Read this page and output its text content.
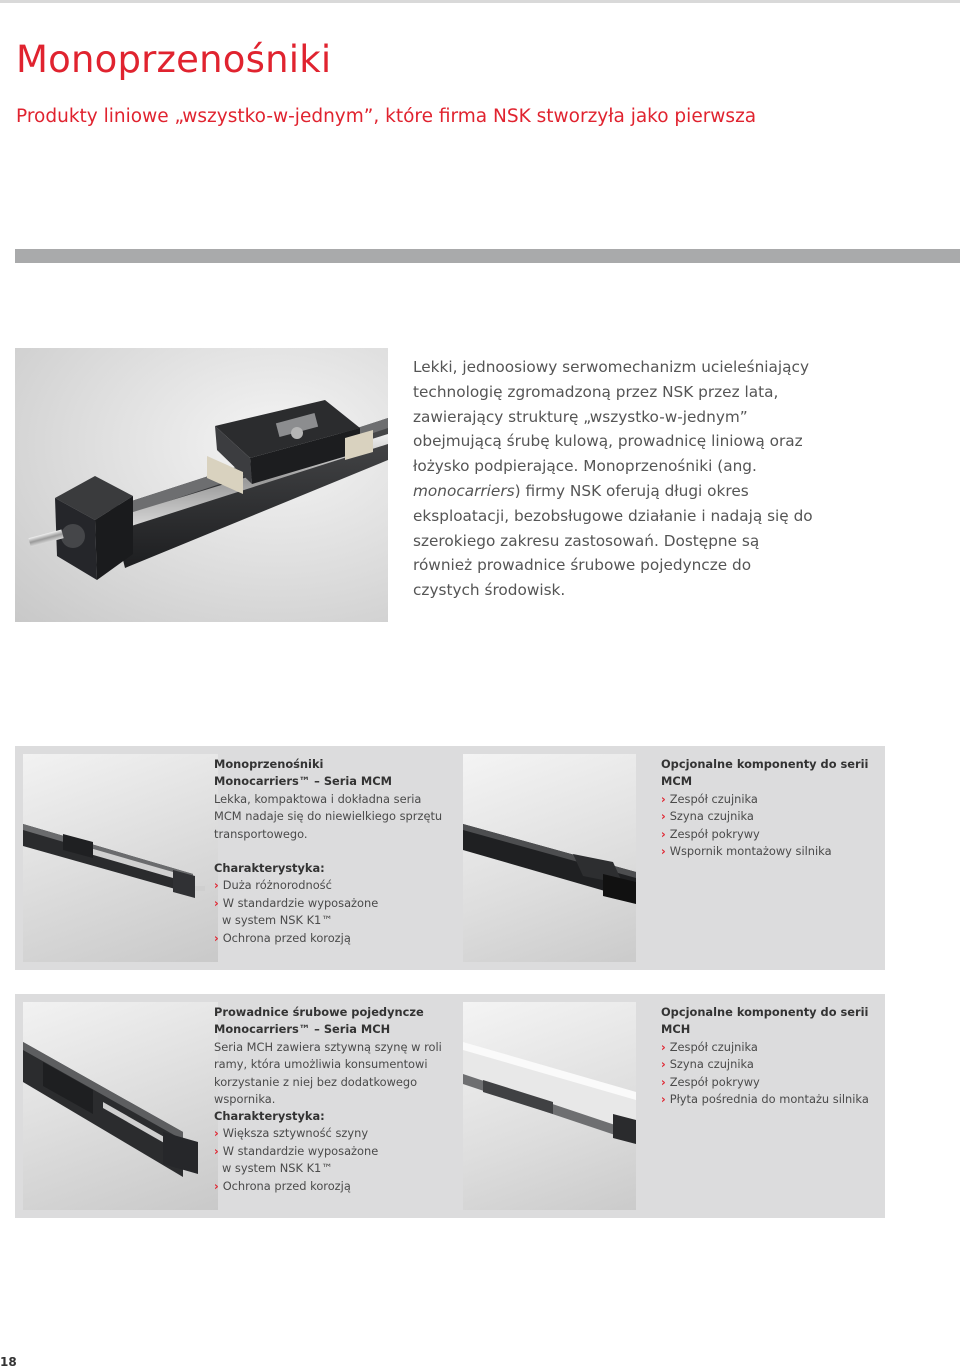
Monoprzenośniki
Produkty liniowe „wszystko-w-jednym”, które firma NSK stworzyła jako pierwsza

Lekki, jednoosiowy serwomechanizm ucieleśniający technologię zgromadzoną przez NSK przez lata, zawierający strukturę „wszystko-w-jednym” obejmującą śrubę kulową, prowadnicę liniową oraz łożysko podpierające. Monoprzenośniki (ang. monocarriers) firmy NSK oferują długi okres eksploatacji, bezobsługowe działanie i nadają się do szerokiego zakresu zastosowań. Dostępne są również prowadnice śrubowe pojedyncze do czystych środowisk.

Monoprzenośniki
Monocarriers™ – Seria MCM
Lekka, kompaktowa i dokładna seria MCM nadaje się do niewielkiego sprzętu transportowego.
Charakterystyka:
› Duża różnorodność
› W standardzie wyposażone
w system NSK K1™
› Ochrona przed korozją
Opcjonalne komponenty do serii MCM
› Zespół czujnika
› Szyna czujnika
› Zespół pokrywy
› Wspornik montażowy silnika
Prowadnice śrubowe pojedyncze
Monocarriers™ – Seria MCH
Seria MCH zawiera sztywną szynę w roli ramy, która umożliwia konsumentowi korzystanie z niej bez dodatkowego wspornika.
Charakterystyka:
› Większa sztywność szyny
› W standardzie wyposażone
w system NSK K1™
› Ochrona przed korozją
Opcjonalne komponenty do serii MCH
› Zespół czujnika
› Szyna czujnika
› Zespół pokrywy
› Płyta pośrednia do montażu silnika
18
